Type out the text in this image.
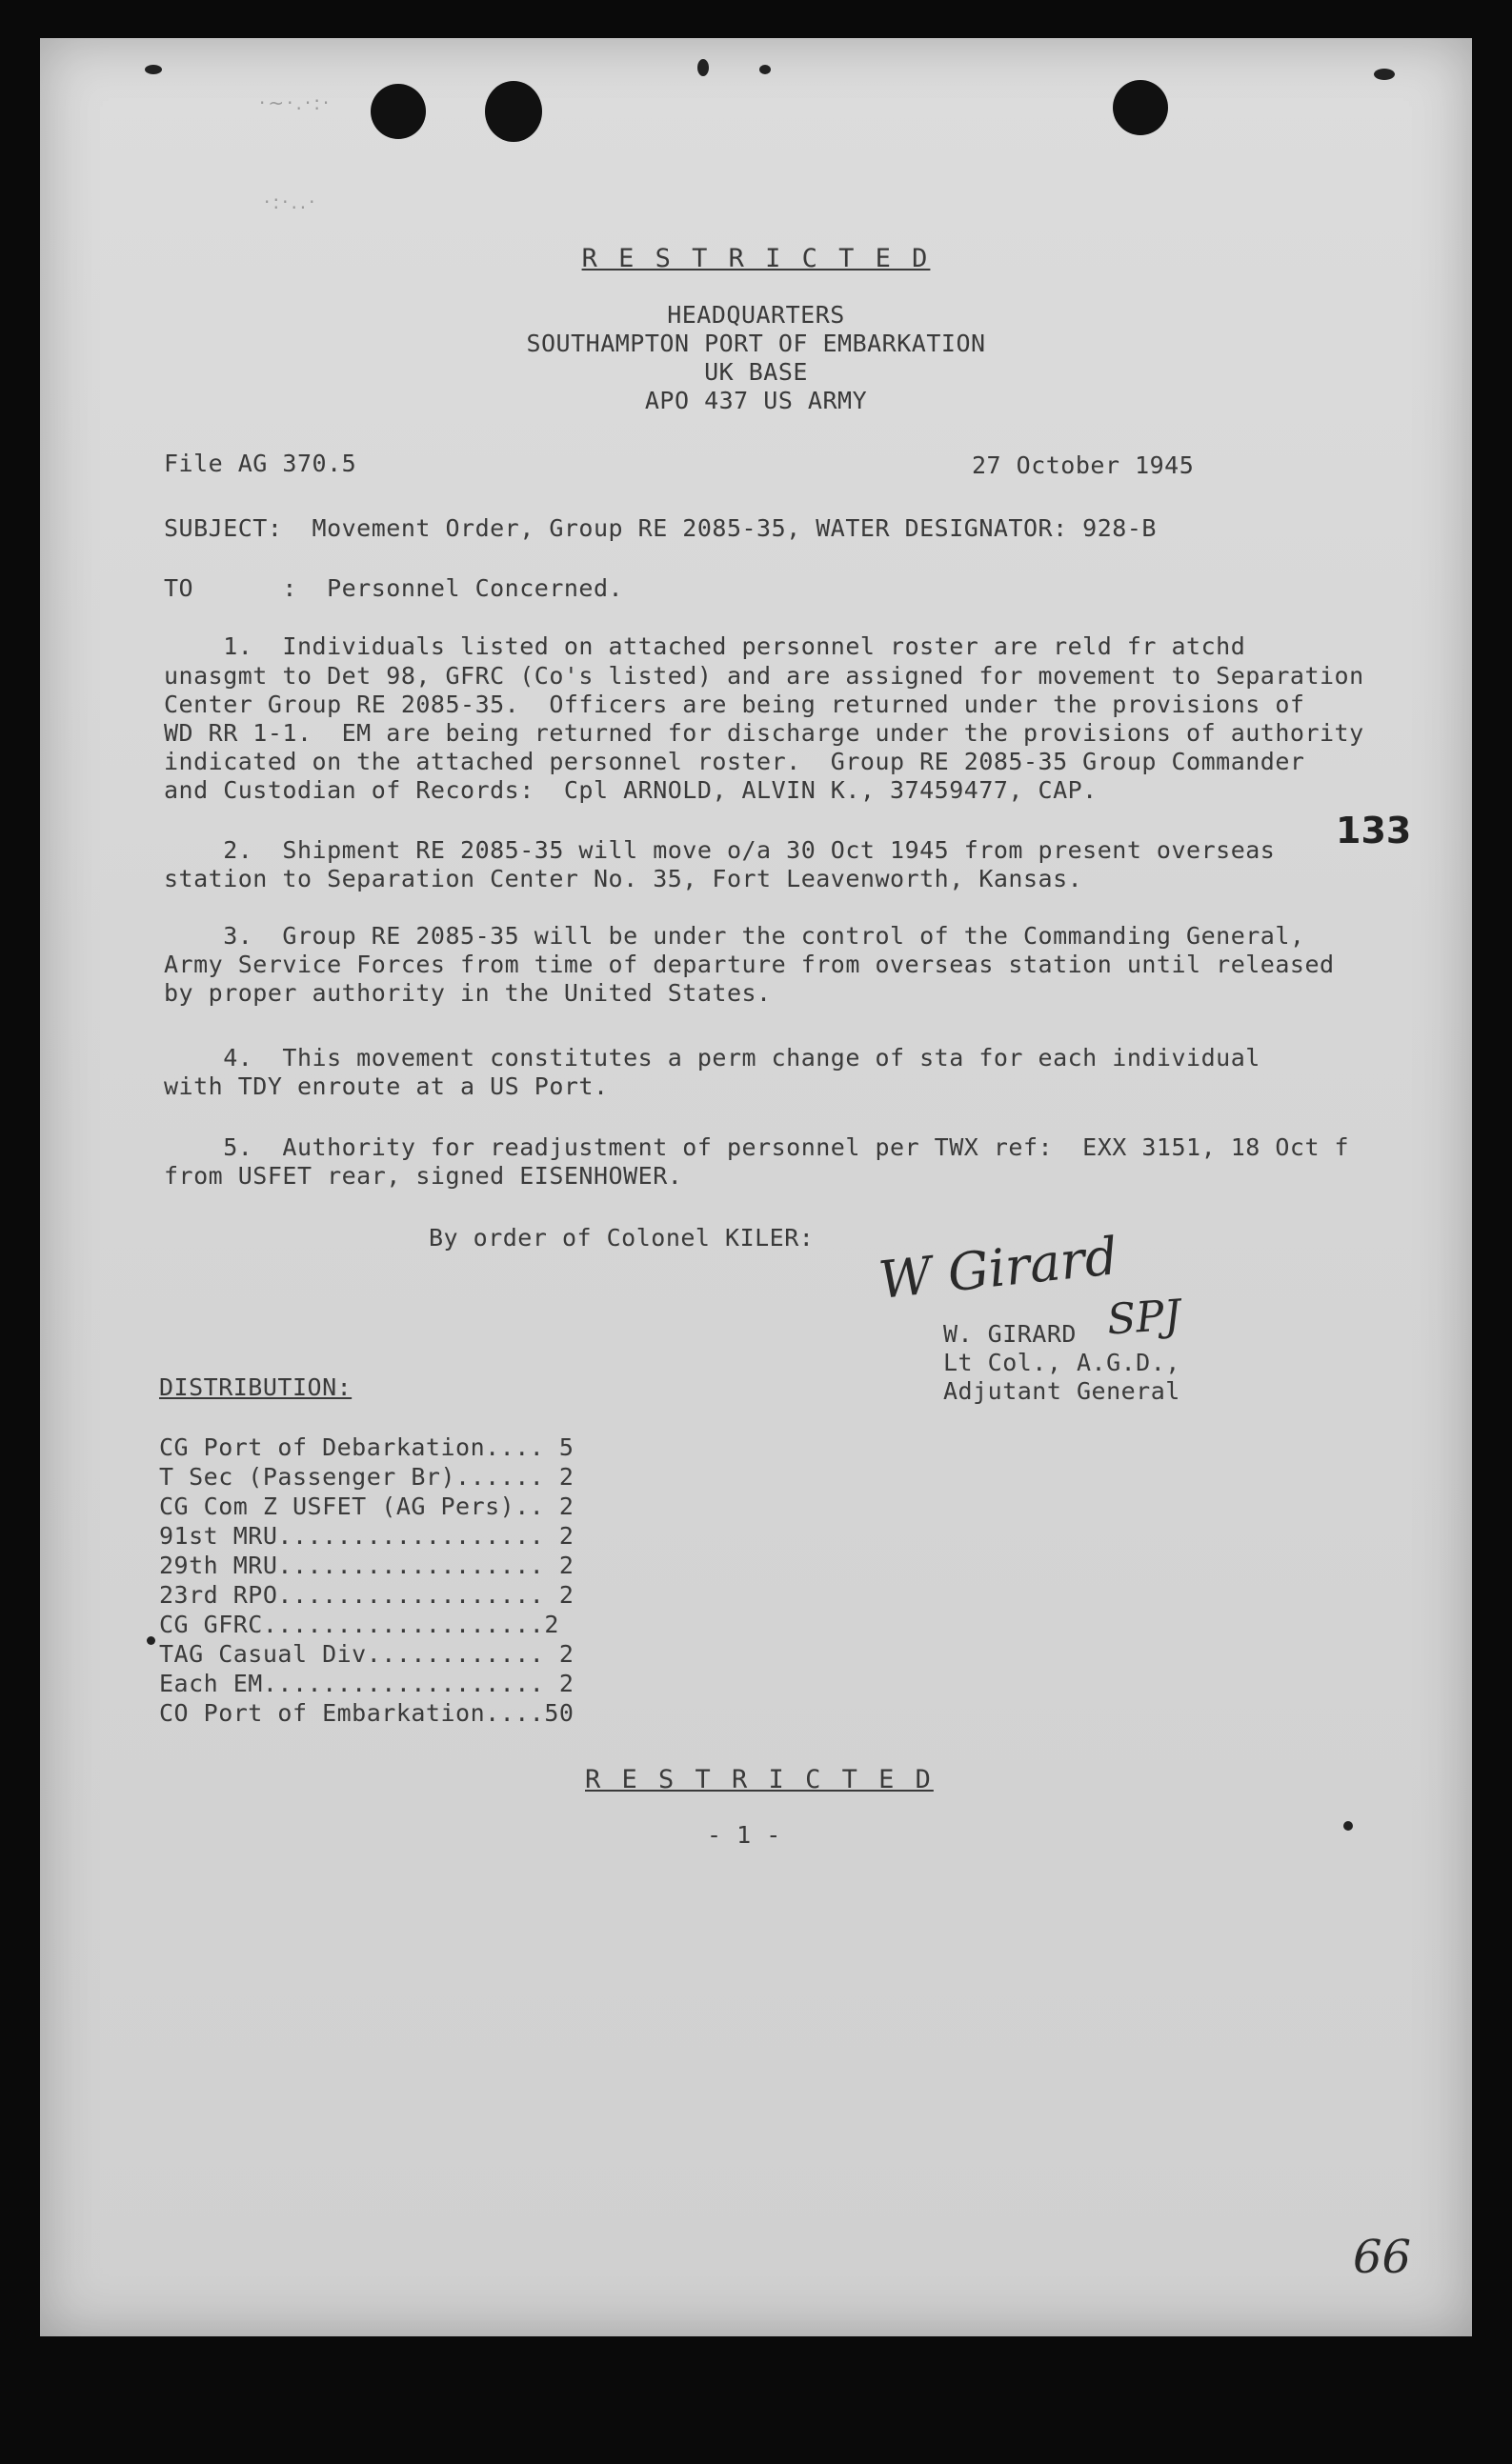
·~·.·:·
·:·..·
R E S T R I C T E D
HEADQUARTERS
SOUTHAMPTON PORT OF EMBARKATION
UK BASE
APO 437 US ARMY
File AG 370.5	27 October 1945
SUBJECT:  Movement Order, Group RE 2085-35, WATER DESIGNATOR: 928-B
TO      :  Personnel Concerned.
1.  Individuals listed on attached personnel roster are reld fr atchd
unasgmt to Det 98, GFRC (Co's listed) and are assigned for movement to Separation
Center Group RE 2085-35.  Officers are being returned under the provisions of
WD RR 1-1.  EM are being returned for discharge under the provisions of authority
indicated on the attached personnel roster.  Group RE 2085-35 Group Commander
and Custodian of Records:  Cpl ARNOLD, ALVIN K., 37459477, CAP.
133
2.  Shipment RE 2085-35 will move o/a 30 Oct 1945 from present overseas
station to Separation Center No. 35, Fort Leavenworth, Kansas.
3.  Group RE 2085-35 will be under the control of the Commanding General,
Army Service Forces from time of departure from overseas station until released
by proper authority in the United States.
4.  This movement constitutes a perm change of sta for each individual
with TDY enroute at a US Port.
5.  Authority for readjustment of personnel per TWX ref:  EXX 3151, 18 Oct f
from USFET rear, signed EISENHOWER.
By order of Colonel KILER: W Girard
SPJ
W. GIRARD
Lt Col., A.G.D.,
Adjutant General
DISTRIBUTION:
CG Port of Debarkation.... 5
T Sec (Passenger Br)...... 2
CG Com Z USFET (AG Pers).. 2
91st MRU.................. 2
29th MRU.................. 2
23rd RPO.................. 2
CG GFRC...................2
TAG Casual Div............ 2
Each EM................... 2
CO Port of Embarkation....50
R E S T R I C T E D
- 1 -
66
